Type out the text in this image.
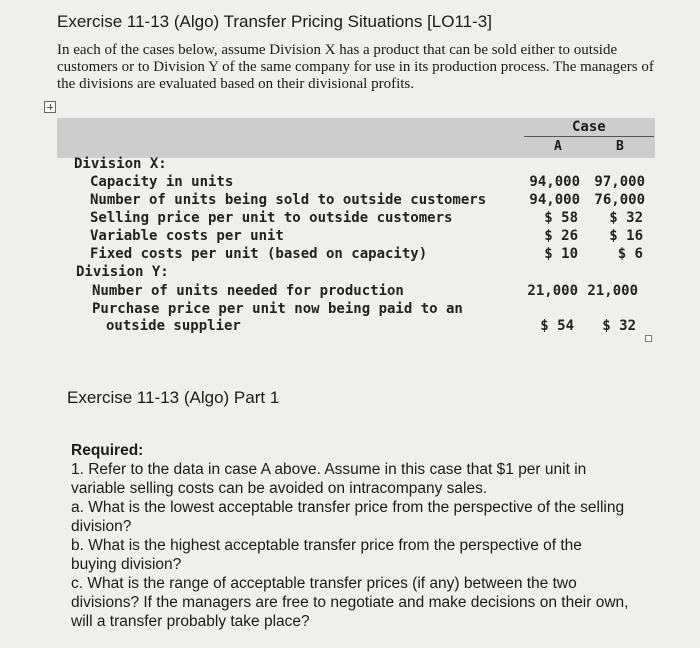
Exercise 11-13 (Algo) Transfer Pricing Situations [LO11-3]
In each of the cases below, assume Division X has a product that can be sold either to outside customers or to Division Y of the same company for use in its production process. The managers of the divisions are evaluated based on their divisional profits.
Case
A	B
Division X:
Capacity in units	94,000	97,000
Number of units being sold to outside customers	94,000	76,000
Selling price per unit to outside customers	$ 58	$ 32
Variable costs per unit	$ 26	$ 16
Fixed costs per unit (based on capacity)	$ 10	$ 6
Division Y:
Number of units needed for production	21,000 21,000
Purchase price per unit now being paid to an
outside supplier	$ 54	$ 32
Exercise 11-13 (Algo) Part 1
Required:
1. Refer to the data in case A above. Assume in this case that $1 per unit in variable selling costs can be avoided on intracompany sales.
a. What is the lowest acceptable transfer price from the perspective of the selling division?
b. What is the highest acceptable transfer price from the perspective of the buying division?
c. What is the range of acceptable transfer prices (if any) between the two divisions? If the managers are free to negotiate and make decisions on their own, will a transfer probably take place?
